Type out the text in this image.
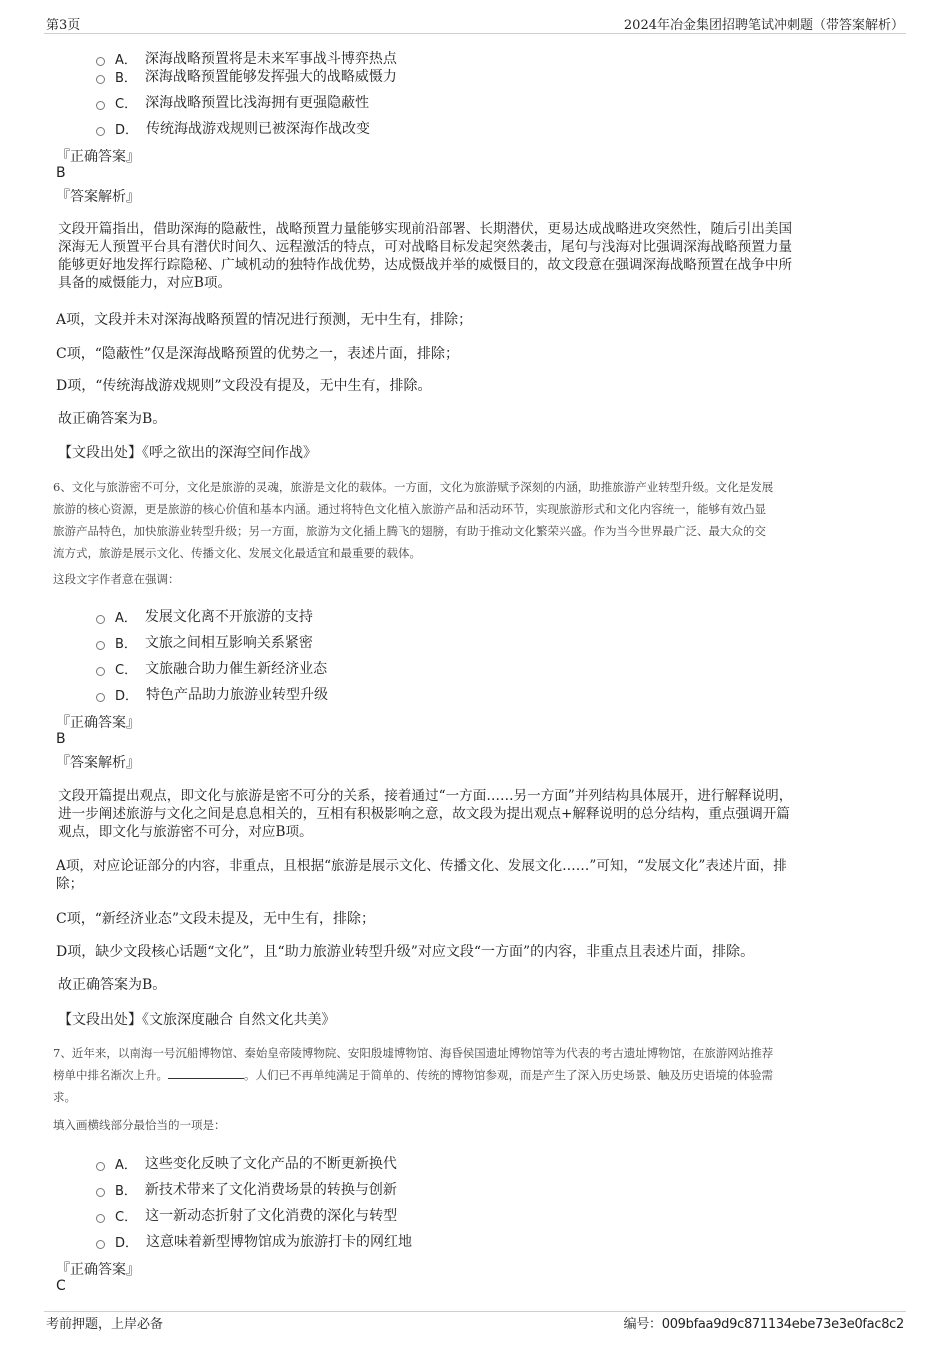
第3页	2024年冶金集团招聘笔试冲刺题（带答案解析）
A． 深海战略预置将是未来军事战斗博弈热点
B． 深海战略预置能够发挥强大的战略威慑力
C． 深海战略预置比浅海拥有更强隐蔽性
D． 传统海战游戏规则已被深海作战改变
『正确答案』
B
『答案解析』
文段开篇指出，借助深海的隐蔽性，战略预置力量能够实现前沿部署、长期潜伏，更易达成战略进攻突然性，随后引出美国
深海无人预置平台具有潜伏时间久、远程激活的特点，可对战略目标发起突然袭击，尾句与浅海对比强调深海战略预置力量
能够更好地发挥行踪隐秘、广域机动的独特作战优势，达成慑战并举的威慑目的，故文段意在强调深海战略预置在战争中所
具备的威慑能力，对应B项。
A项，文段并未对深海战略预置的情况进行预测，无中生有，排除；
C项，“隐蔽性”仅是深海战略预置的优势之一，表述片面，排除；
D项，“传统海战游戏规则”文段没有提及，无中生有，排除。
故正确答案为B。
【文段出处】《呼之欲出的深海空间作战》
6、文化与旅游密不可分，文化是旅游的灵魂，旅游是文化的载体。一方面，文化为旅游赋予深刻的内涵，助推旅游产业转型升级。文化是发展
旅游的核心资源，更是旅游的核心价值和基本内涵。通过将特色文化植入旅游产品和活动环节，实现旅游形式和文化内容统一，能够有效凸显
旅游产品特色，加快旅游业转型升级；另一方面，旅游为文化插上腾飞的翅膀，有助于推动文化繁荣兴盛。作为当今世界最广泛、最大众的交
流方式，旅游是展示文化、传播文化、发展文化最适宜和最重要的载体。
这段文字作者意在强调：
A． 发展文化离不开旅游的支持
B． 文旅之间相互影响关系紧密
C． 文旅融合助力催生新经济业态
D． 特色产品助力旅游业转型升级
『正确答案』
B
『答案解析』
文段开篇提出观点，即文化与旅游是密不可分的关系，接着通过“一方面……另一方面”并列结构具体展开，进行解释说明，
进一步阐述旅游与文化之间是息息相关的，互相有积极影响之意，故文段为提出观点+解释说明的总分结构，重点强调开篇
观点，即文化与旅游密不可分，对应B项。
A项，对应论证部分的内容，非重点，且根据“旅游是展示文化、传播文化、发展文化……”可知，“发展文化”表述片面，排
除；
C项，“新经济业态”文段未提及，无中生有，排除；
D项，缺少文段核心话题“文化”，且“助力旅游业转型升级”对应文段“一方面”的内容，非重点且表述片面，排除。
故正确答案为B。
【文段出处】《文旅深度融合 自然文化共美》
7、近年来，以南海一号沉船博物馆、秦始皇帝陵博物院、安阳殷墟博物馆、海昏侯国遗址博物馆等为代表的考古遗址博物馆，在旅游网站推荐
榜单中排名渐次上升。	。人们已不再单纯满足于简单的、传统的博物馆参观，而是产生了深入历史场景、触及历史语境的体验需
求。
填入画横线部分最恰当的一项是：
A． 这些变化反映了文化产品的不断更新换代
B． 新技术带来了文化消费场景的转换与创新
C． 这一新动态折射了文化消费的深化与转型
D． 这意味着新型博物馆成为旅游打卡的网红地
『正确答案』
C
考前押题，上岸必备	编号：009bfaa9d9c871134ebe73e3e0fac8c2
